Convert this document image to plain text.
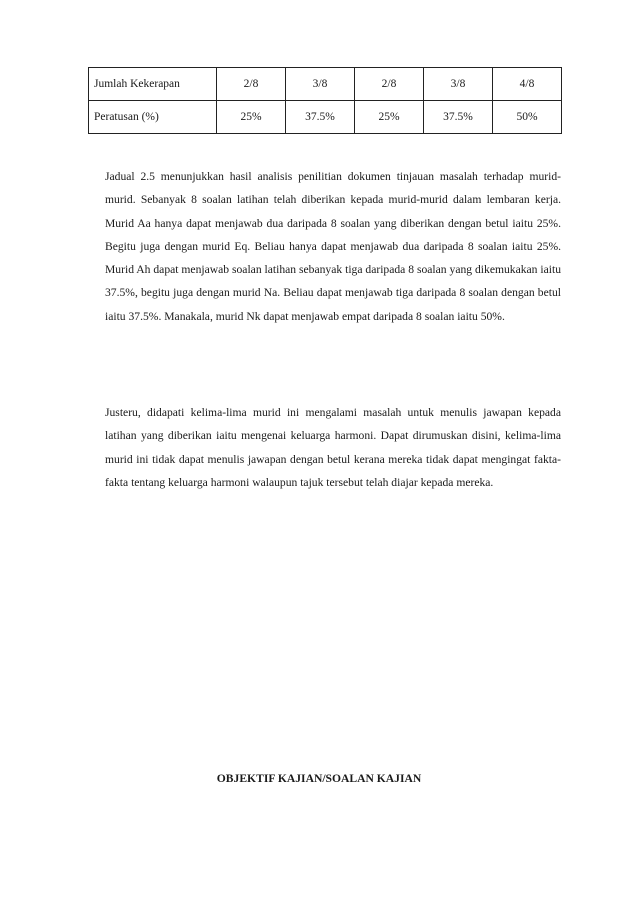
Jumlah Kekerapan	2/8	3/8	2/8	3/8	4/8
Peratusan (%)	25%	37.5%	25%	37.5%	50%

Jadual 2.5 menunjukkan hasil analisis penilitian dokumen tinjauan masalah terhadap murid-murid. Sebanyak 8 soalan latihan telah diberikan kepada murid-murid dalam lembaran kerja. Murid Aa hanya dapat menjawab dua daripada 8 soalan yang diberikan dengan betul iaitu 25%. Begitu juga dengan murid Eq. Beliau hanya dapat menjawab dua daripada 8 soalan iaitu 25%. Murid Ah dapat menjawab soalan latihan sebanyak tiga daripada 8 soalan yang dikemukakan iaitu 37.5%, begitu juga dengan murid Na. Beliau dapat menjawab tiga daripada 8 soalan dengan betul iaitu 37.5%. Manakala, murid Nk dapat menjawab empat daripada 8 soalan iaitu 50%.

Justeru, didapati kelima-lima murid ini mengalami masalah untuk menulis jawapan kepada latihan yang diberikan iaitu mengenai keluarga harmoni. Dapat dirumuskan disini, kelima-lima murid ini tidak dapat menulis jawapan dengan betul kerana mereka tidak dapat mengingat fakta-fakta tentang keluarga harmoni walaupun tajuk tersebut telah diajar kepada mereka.

OBJEKTIF KAJIAN/SOALAN KAJIAN
